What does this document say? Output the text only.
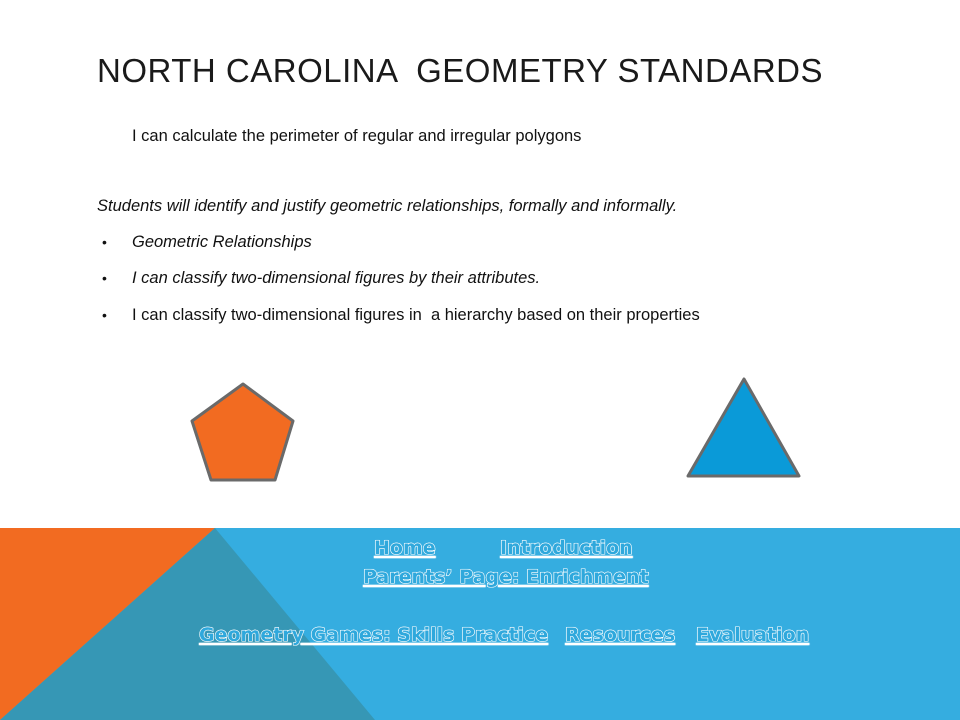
NORTH CAROLINA  GEOMETRY STANDARDS
I can calculate the perimeter of regular and irregular polygons
Students will identify and justify geometric relationships, formally and informally.
• Geometric Relationships
• I can classify two-dimensional figures by their attributes.
• I can classify two-dimensional figures in  a hierarchy based on their properties
Home	Introduction
Parents’ Page: Enrichment
Geometry Games: Skills Practice Resources Evaluation
